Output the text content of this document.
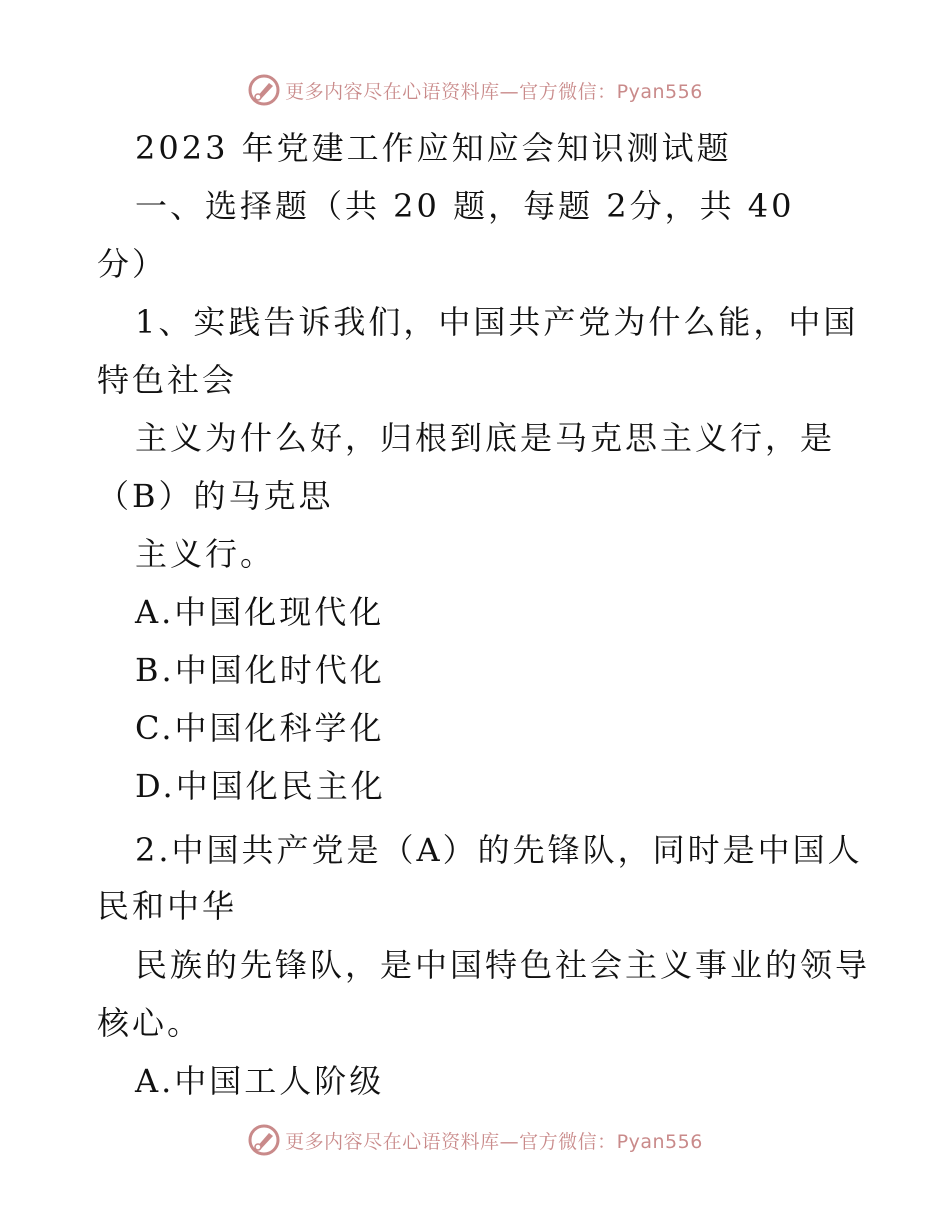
更多内容尽在心语资料库—官方微信：Pyan556
2023 年党建工作应知应会知识测试题
一、选择题（共 20 题，每题 2分，共 40
分）
1、实践告诉我们，中国共产党为什么能，中国
特色社会
主义为什么好，归根到底是马克思主义行，是
（B）的马克思
主义行。
A.中国化现代化
B.中国化时代化
C.中国化科学化
D.中国化民主化
2.中国共产党是（A）的先锋队，同时是中国人
民和中华
民族的先锋队，是中国特色社会主义事业的领导
核心。
A.中国工人阶级
更多内容尽在心语资料库—官方微信：Pyan556
